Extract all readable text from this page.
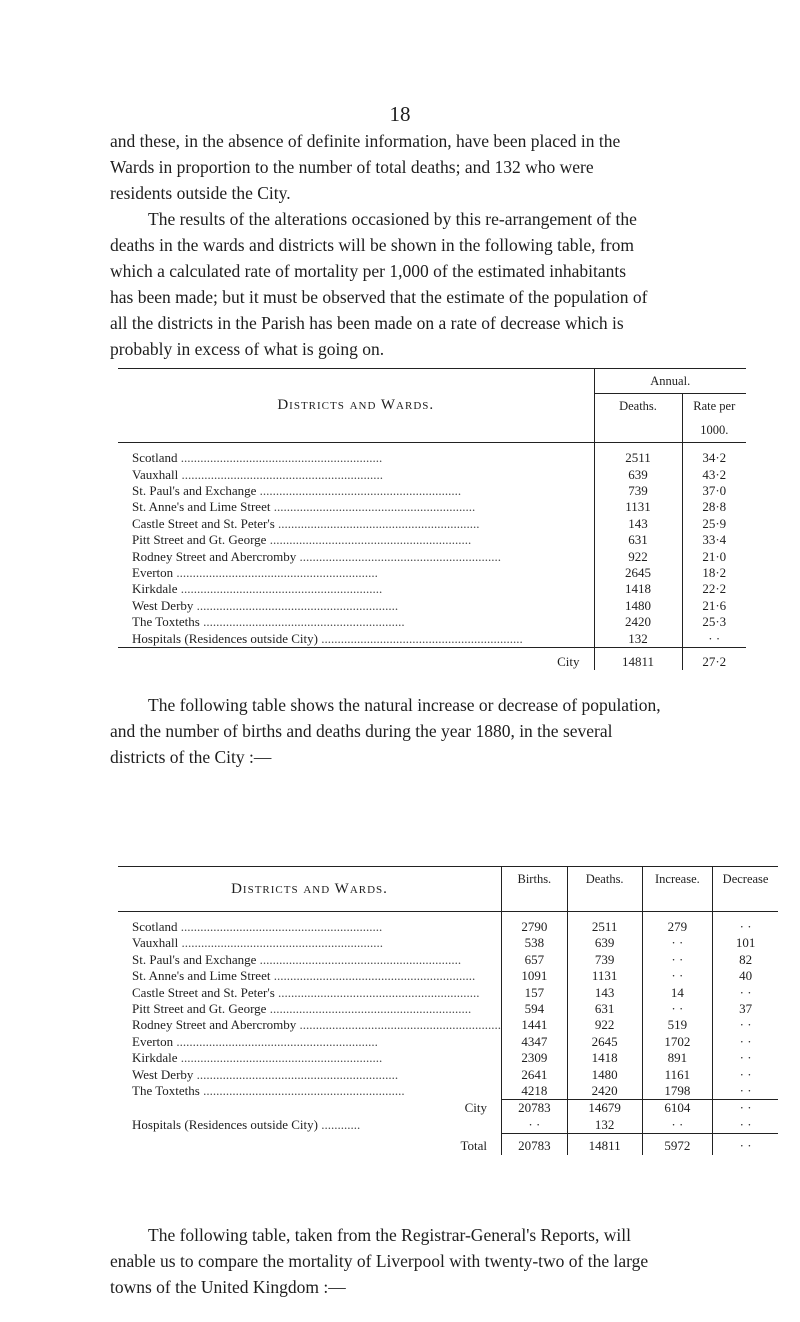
18

and these, in the absence of definite information, have been placed in the
Wards in proportion to the number of total deaths; and 132 who were
residents outside the City.

The results of the alterations occasioned by this re-arrangement of the
deaths in the wards and districts will be shown in the following table, from
which a calculated rate of mortality per 1,000 of the estimated inhabitants
has been made; but it must be observed that the estimate of the population of
all the districts in the Parish has been made on a rate of decrease which is
probably in excess of what is going on.

Districts and Wards.	Annual.	
	Deaths.	Rate per 1000.
Scotland ..............................................................	2511	34·2
Vauxhall ..............................................................	639	43·2
St. Paul's and Exchange ..............................................................	739	37·0
St. Anne's and Lime Street ..............................................................	1131	28·8
Castle Street and St. Peter's ..............................................................	143	25·9
Pitt Street and Gt. George ..............................................................	631	33·4
Rodney Street and Abercromby ..............................................................	922	21·0
Everton ..............................................................	2645	18·2
Kirkdale ..............................................................	1418	22·2
West Derby ..............................................................	1480	21·6
The Toxteths ..............................................................	2420	25·3
Hospitals (Residences outside City) ..............................................................	132	· ·
City	14811	27·2

The following table shows the natural increase or decrease of population,
and the number of births and deaths during the year 1880, in the several
districts of the City :—

Districts and Wards.	Births.	Deaths.	Increase.	Decrease
Scotland ..............................................................	2790	2511	279	· ·
Vauxhall ..............................................................	538	639	· ·	101
St. Paul's and Exchange ..............................................................	657	739	· ·	82
St. Anne's and Lime Street ..............................................................	1091	1131	· ·	40
Castle Street and St. Peter's ..............................................................	157	143	14	· ·
Pitt Street and Gt. George ..............................................................	594	631	· ·	37
Rodney Street and Abercromby ..............................................................	1441	922	519	· ·
Everton ..............................................................	4347	2645	1702	· ·
Kirkdale ..............................................................	2309	1418	891	· ·
West Derby ..............................................................	2641	1480	1161	· ·
The Toxteths ..............................................................	4218	2420	1798	· ·
City	20783	14679	6104	· ·
Hospitals (Residences outside City) ............	· ·	132	· ·	· ·
Total	20783	14811	5972	· ·

The following table, taken from the Registrar-General's Reports, will
enable us to compare the mortality of Liverpool with twenty-two of the large
towns of the United Kingdom :—
